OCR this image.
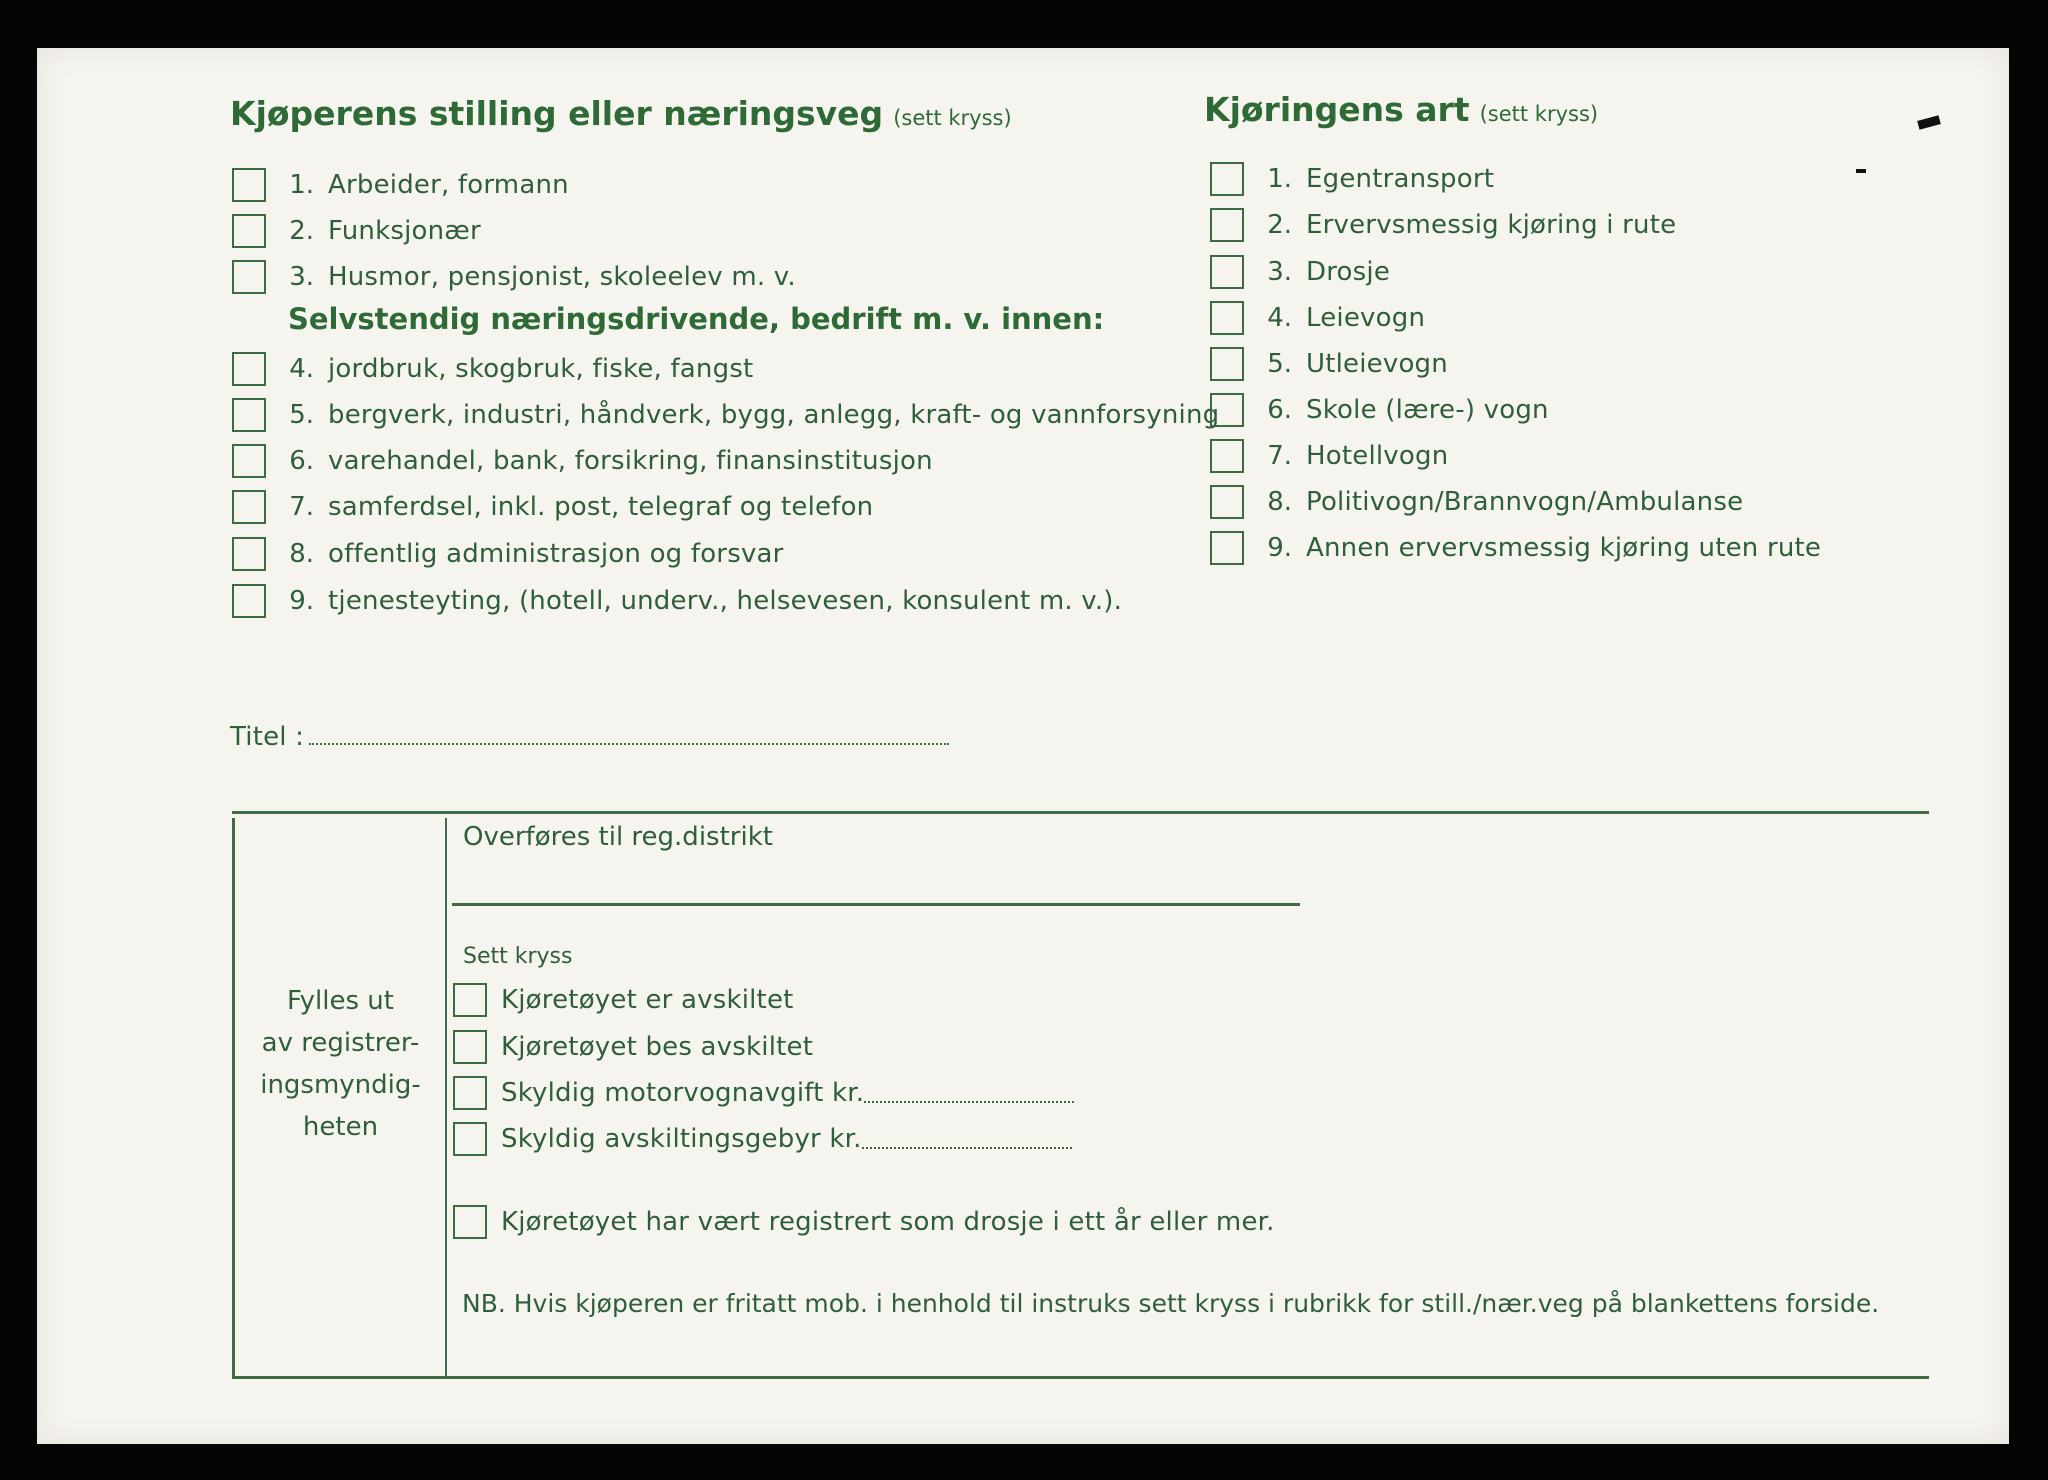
Kjøperens stilling eller næringsveg (sett kryss)	Kjøringens art (sett kryss)
1. Arbeider, formann
2. Funksjonær
3. Husmor, pensjonist, skoleelev m. v.
Selvstendig næringsdrivende, bedrift m. v. innen:
4. jordbruk, skogbruk, fiske, fangst
5. bergverk, industri, håndverk, bygg, anlegg, kraft- og vannforsyning
6. varehandel, bank, forsikring, finansinstitusjon
7. samferdsel, inkl. post, telegraf og telefon
8. offentlig administrasjon og forsvar
9. tjenesteyting, (hotell, underv., helsevesen, konsulent m. v.).
1. Egentransport
2. Ervervsmessig kjøring i rute
3. Drosje
4. Leievogn
5. Utleievogn
6. Skole (lære-) vogn
7. Hotellvogn
8. Politivogn/Brannvogn/Ambulanse
9. Annen ervervsmessig kjøring uten rute
Titel :
Fylles ut
av registrer-
ingsmyndig-
heten
Overføres til reg.distrikt
Sett kryss
Kjøretøyet er avskiltet
Kjøretøyet bes avskiltet
Skyldig motorvognavgift kr.
Skyldig avskiltingsgebyr kr.
Kjøretøyet har vært registrert som drosje i ett år eller mer.
NB. Hvis kjøperen er fritatt mob. i henhold til instruks sett kryss i rubrikk for still./nær.veg på blankettens forside.
